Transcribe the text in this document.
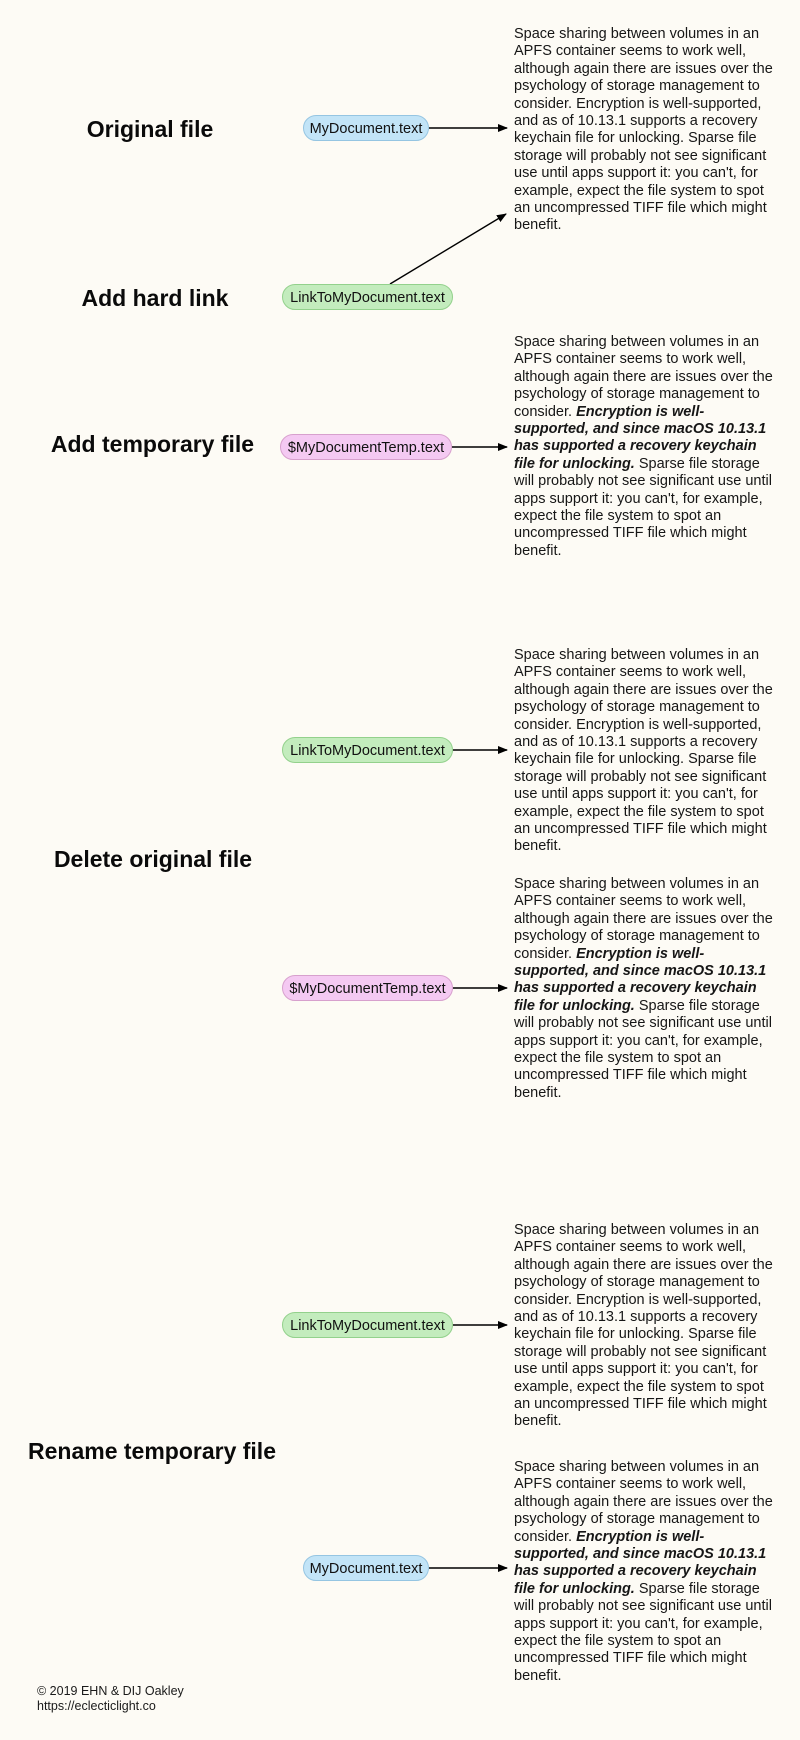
Original file
Add hard link
Add temporary file
Delete original file
Rename temporary file
MyDocument.text
LinkToMyDocument.text
$MyDocumentTemp.text
LinkToMyDocument.text
$MyDocumentTemp.text
LinkToMyDocument.text
MyDocument.text
Space sharing between volumes in an
APFS container seems to work well,
although again there are issues over the
psychology of storage management to
consider. Encryption is well-supported,
and as of 10.13.1 supports a recovery
keychain file for unlocking. Sparse file
storage will probably not see significant
use until apps support it: you can't, for
example, expect the file system to spot
an uncompressed TIFF file which might
benefit.
Space sharing between volumes in an
APFS container seems to work well,
although again there are issues over the
psychology of storage management to
consider. Encryption is well-
supported, and since macOS 10.13.1
has supported a recovery keychain
file for unlocking. Sparse file storage
will probably not see significant use until
apps support it: you can't, for example,
expect the file system to spot an
uncompressed TIFF file which might
benefit.
Space sharing between volumes in an
APFS container seems to work well,
although again there are issues over the
psychology of storage management to
consider. Encryption is well-supported,
and as of 10.13.1 supports a recovery
keychain file for unlocking. Sparse file
storage will probably not see significant
use until apps support it: you can't, for
example, expect the file system to spot
an uncompressed TIFF file which might
benefit.
Space sharing between volumes in an
APFS container seems to work well,
although again there are issues over the
psychology of storage management to
consider. Encryption is well-
supported, and since macOS 10.13.1
has supported a recovery keychain
file for unlocking. Sparse file storage
will probably not see significant use until
apps support it: you can't, for example,
expect the file system to spot an
uncompressed TIFF file which might
benefit.
Space sharing between volumes in an
APFS container seems to work well,
although again there are issues over the
psychology of storage management to
consider. Encryption is well-supported,
and as of 10.13.1 supports a recovery
keychain file for unlocking. Sparse file
storage will probably not see significant
use until apps support it: you can't, for
example, expect the file system to spot
an uncompressed TIFF file which might
benefit.
Space sharing between volumes in an
APFS container seems to work well,
although again there are issues over the
psychology of storage management to
consider. Encryption is well-
supported, and since macOS 10.13.1
has supported a recovery keychain
file for unlocking. Sparse file storage
will probably not see significant use until
apps support it: you can't, for example,
expect the file system to spot an
uncompressed TIFF file which might
benefit.
© 2019 EHN & DIJ Oakley
https://eclecticlight.co
